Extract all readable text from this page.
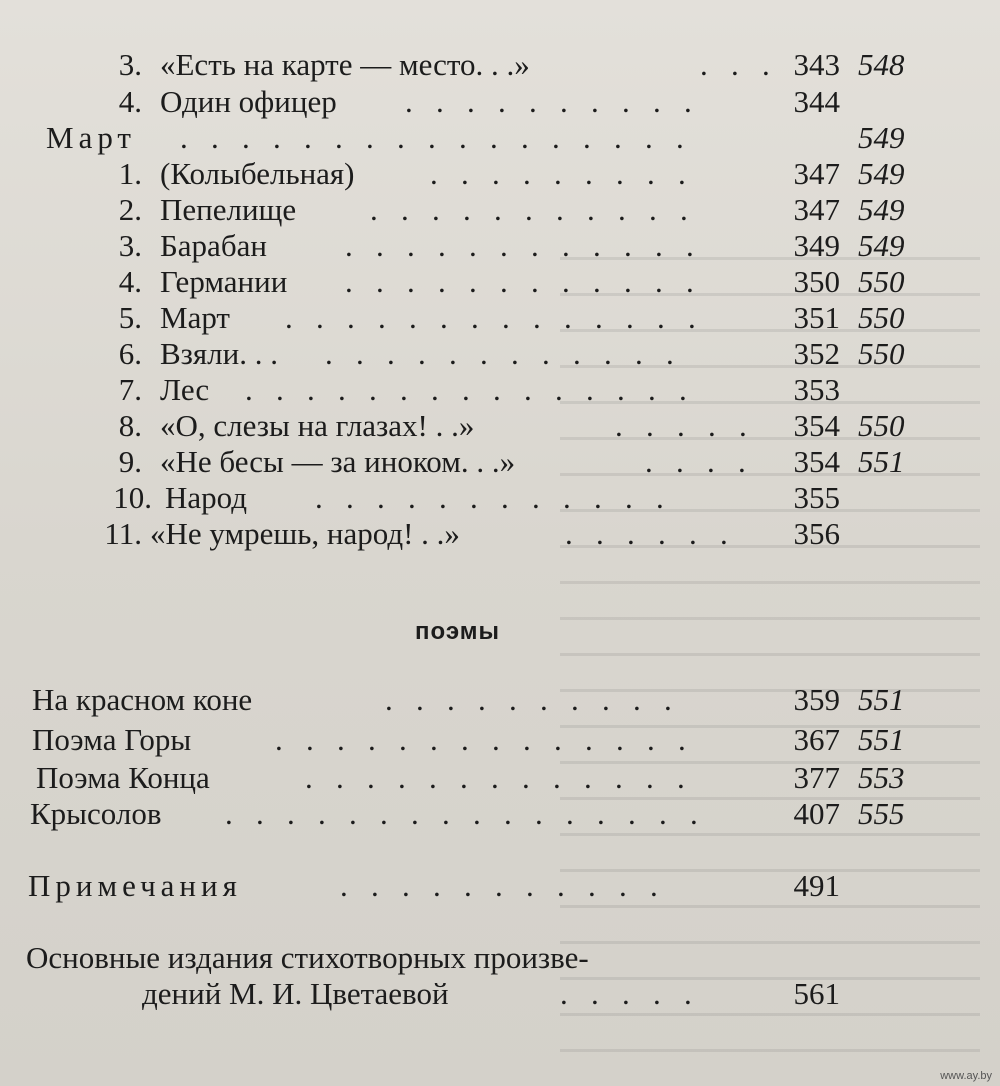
3. «Есть на карте — место. . .»	.   .   . 343 548
4. Один офицер .   .   .   .   .   .   .   .   .   .	344
Март .   .   .   .   .   .   .   .   .   .   .   .   .   .   .   .   .	549
1. (Колыбельная) .   .   .   .   .   .   .   .   .	347 549
2. Пепелище .   .   .   .   .   .   .   .   .   .   .	347 549
3. Барабан	.   .   .   .   .   .   .   .   .   .   .   .	349 549
4. Германии .   .   .   .   .   .   .   .   .   .   .   .	350 550
5. Март .   .   .   .   .   .   .   .   .   .   .   .   .   .	351 550
6. Взяли. . . .   .   .   .   .   .   .   .   .   .   .   .	352 550
7. Лес .   .   .   .   .   .   .   .   .   .   .   .   .   .   .	353
8. «О, слезы на глазах! . .»	.   .   .   .   .	354 550
9. «Не бесы — за иноком. . .»	.   .   .   .	354 551
10. Народ .   .   .   .   .   .   .   .   .   .   .   .	355
11. «Не умрешь, народ! . .»	.   .   .   .   .   .	356
поэмы
На красном коне	.   .   .   .   .   .   .   .   .   .	359 551
Поэма Горы	.   .   .   .   .   .   .   .   .   .   .   .   .   .	367 551
Поэма Конца	.   .   .   .   .   .   .   .   .   .   .   .   .	377 553
Крысолов .   .   .   .   .   .   .   .   .   .   .   .   .   .   .   .	407 555
Примечания	.   .   .   .   .   .   .   .   .   .   .	491
Основные издания стихотворных произве-
дений М. И. Цветаевой	.   .   .   .   .	561
www.ay.by
